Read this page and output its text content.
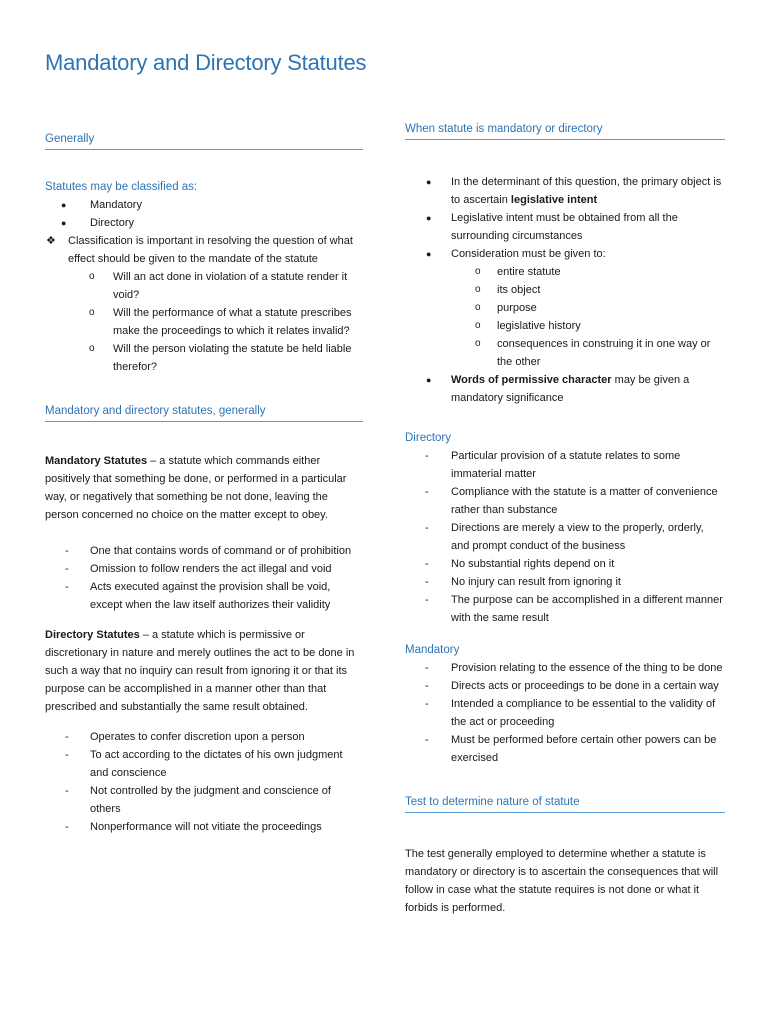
Mandatory and Directory Statutes
Generally
Statutes may be classified as:
● Mandatory
● Directory
❖ Classification is important in resolving the question of what effect should be given to the mandate of the statute
o Will an act done in violation of a statute render it void?
o Will the performance of what a statute prescribes make the proceedings to which it relates invalid?
o Will the person violating the statute be held liable therefor?
Mandatory and directory statutes, generally

Mandatory Statutes – a statute which commands either positively that something be done, or performed in a particular way, or negatively that something be not done, leaving the person concerned no choice on the matter except to obey.

- One that contains words of command or of prohibition
- Omission to follow renders the act illegal and void
- Acts executed against the provision shall be void, except when the law itself authorizes their validity

Directory Statutes – a statute which is permissive or discretionary in nature and merely outlines the act to be done in such a way that no inquiry can result from ignoring it or that its purpose can be accomplished in a manner other than that prescribed and substantially the same result obtained.

- Operates to confer discretion upon a person
- To act according to the dictates of his own judgment and conscience
- Not controlled by the judgment and conscience of others
- Nonperformance will not vitiate the proceedings
When statute is mandatory or directory
● In the determinant of this question, the primary object is to ascertain legislative intent
● Legislative intent must be obtained from all the surrounding circumstances
● Consideration must be given to:
o entire statute
o its object
o purpose
o legislative history
o consequences in construing it in one way or the other
● Words of permissive character may be given a mandatory significance
Directory
- Particular provision of a statute relates to some immaterial matter
- Compliance with the statute is a matter of convenience rather than substance
- Directions are merely a view to the properly, orderly, and prompt conduct of the business
- No substantial rights depend on it
- No injury can result from ignoring it
- The purpose can be accomplished in a different manner with the same result
Mandatory
- Provision relating to the essence of the thing to be done
- Directs acts or proceedings to be done in a certain way
- Intended a compliance to be essential to the validity of the act or proceeding
- Must be performed before certain other powers can be exercised
Test to determine nature of statute

The test generally employed to determine whether a statute is mandatory or directory is to ascertain the consequences that will follow in case what the statute requires is not done or what it forbids is performed.
